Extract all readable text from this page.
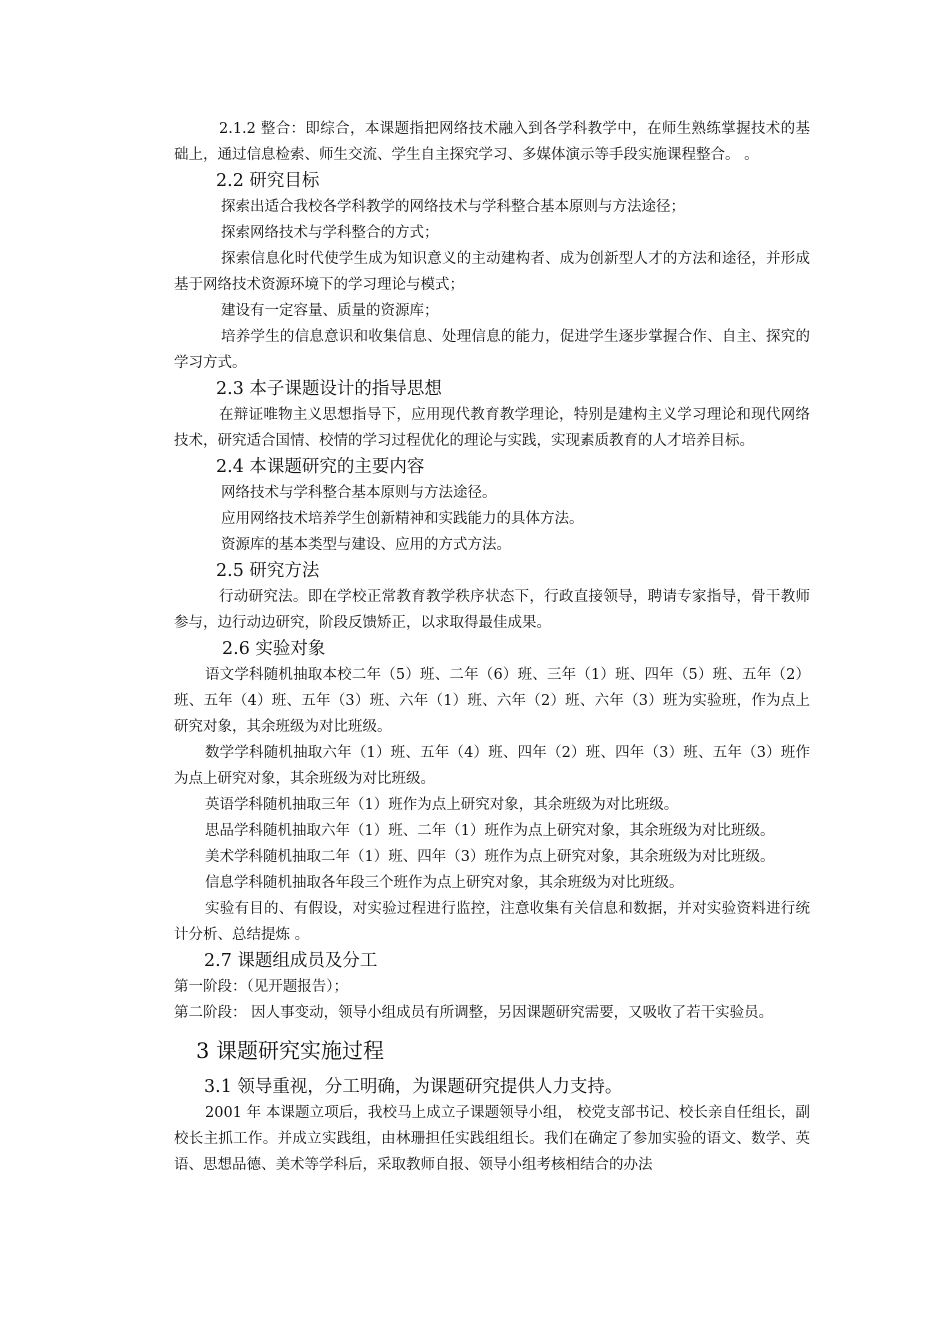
2.1.2 整合：即综合，本课题指把网络技术融入到各学科教学中，在师生熟练掌握技术的基础上，通过信息检索、师生交流、学生自主探究学习、多媒体演示等手段实施课程整合。 。

2.2 研究目标

探索出适合我校各学科教学的网络技术与学科整合基本原则与方法途径；

探索网络技术与学科整合的方式；

探索信息化时代使学生成为知识意义的主动建构者、成为创新型人才的方法和途径，并形成基于网络技术资源环境下的学习理论与模式；

建设有一定容量、质量的资源库；

培养学生的信息意识和收集信息、处理信息的能力，促进学生逐步掌握合作、自主、探究的学习方式。

2.3 本子课题设计的指导思想

在辩证唯物主义思想指导下，应用现代教育教学理论，特别是建构主义学习理论和现代网络技术，研究适合国情、校情的学习过程优化的理论与实践，实现素质教育的人才培养目标。

2.4 本课题研究的主要内容

网络技术与学科整合基本原则与方法途径。

应用网络技术培养学生创新精神和实践能力的具体方法。

资源库的基本类型与建设、应用的方式方法。

2.5 研究方法

行动研究法。即在学校正常教育教学秩序状态下，行政直接领导，聘请专家指导，骨干教师参与，边行动边研究，阶段反馈矫正，以求取得最佳成果。

2.6 实验对象

语文学科随机抽取本校二年（5）班、二年（6）班、三年（1）班、四年（5）班、五年（2）班、五年（4）班、五年（3）班、六年（1）班、六年（2）班、六年（3）班为实验班，作为点上研究对象，其余班级为对比班级。

数学学科随机抽取六年（1）班、五年（4）班、四年（2）班、四年（3）班、五年（3）班作为点上研究对象，其余班级为对比班级。

英语学科随机抽取三年（1）班作为点上研究对象，其余班级为对比班级。

思品学科随机抽取六年（1）班、二年（1）班作为点上研究对象，其余班级为对比班级。

美术学科随机抽取二年（1）班、四年（3）班作为点上研究对象，其余班级为对比班级。

信息学科随机抽取各年段三个班作为点上研究对象，其余班级为对比班级。

实验有目的、有假设，对实验过程进行监控，注意收集有关信息和数据，并对实验资料进行统计分析、总结提炼 。

2.7 课题组成员及分工

第一阶段：（见开题报告）；

第二阶段： 因人事变动，领导小组成员有所调整，另因课题研究需要，又吸收了若干实验员。

3 课题研究实施过程
3.1 领导重视，分工明确，为课题研究提供人力支持。

2001 年 本课题立项后，我校马上成立子课题领导小组， 校党支部书记、校长亲自任组长，副校长主抓工作。并成立实践组，由林珊担任实践组组长。我们在确定了参加实验的语文、数学、英语、思想品德、美术等学科后，采取教师自报、领导小组考核相结合的办法
